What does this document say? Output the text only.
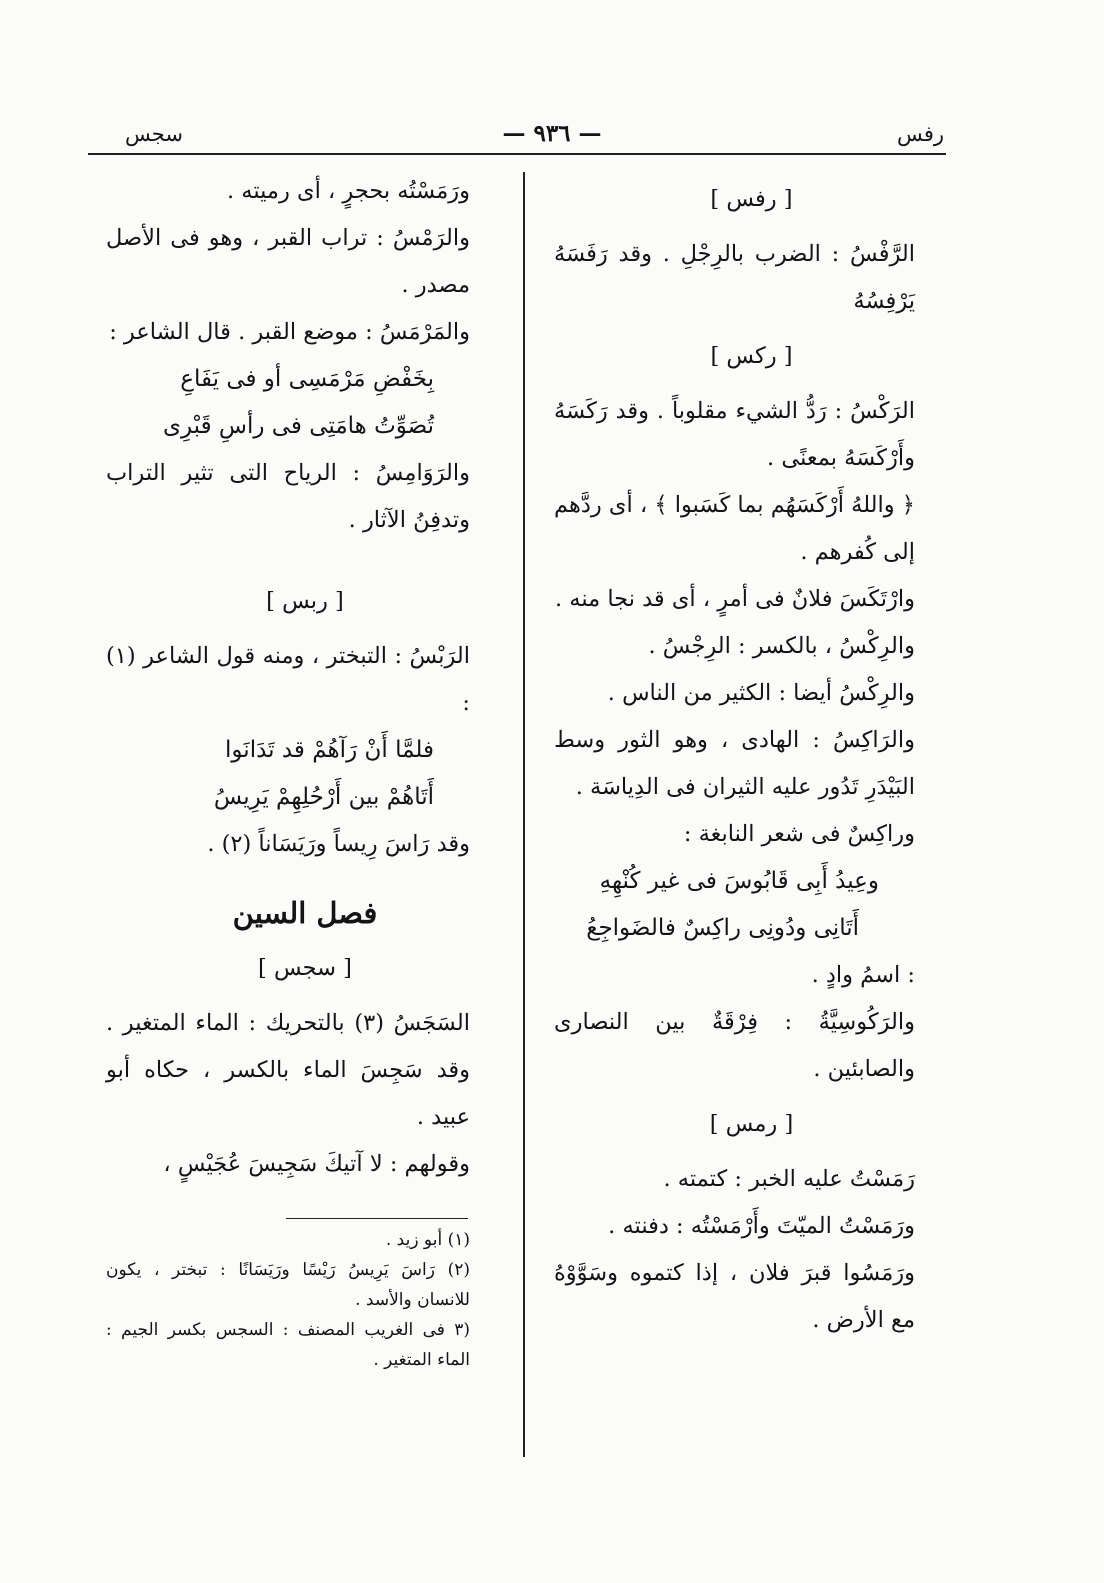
رفس
— ٩٣٦ —
سجس
[ رفس ]
الرَّفْسُ : الضرب بالرِجْلِ . وقد رَفَسَهُ يَرْفِسُهُ
[ ركس ]
الرَكْسُ : رَدُّ الشيء مقلوباً . وقد رَكَسَهُ وأَرْكَسَهُ بمعنًى .
﴿ واللهُ أَرْكَسَهُم بما كَسَبوا ﴾ ، أى ردَّهم إلى كُفرهم .
وارْتَكَسَ فلانٌ فى أمرٍ ، أى قد نجا منه .
والرِكْسُ ، بالكسر : الرِجْسُ .
والرِكْسُ أيضا : الكثير من الناس .
والرَاكِسُ : الهادى ، وهو الثور وسط البَيْدَرِ تَدُور عليه الثيران فى الدِياسَة .
وراكِسٌ فى شعر النابغة :
وعِيدُ أَبِى قَابُوسَ فى غير كُنْهِهِ
أَتَانِى ودُونِى راكِسٌ فالضَواجِعُ
: اسمُ وادٍ .
والرَكُوسِيَّةُ : فِرْقَةٌ بين النصارى والصابئين .
[ رمس ]
رَمَسْتُ عليه الخبر : كتمته .
ورَمَسْتُ الميّتَ وأَرْمَسْتُه : دفنته .
ورَمَسُوا قبرَ فلان ، إذا كتموه وسَوَّوْهُ مع الأرض .
ورَمَسْتُه بحجرٍ ، أى رميته .
والرَمْسُ : تراب القبر ، وهو فى الأصل مصدر .
والمَرْمَسُ : موضع القبر . قال الشاعر :
بِخَفْضِ مَرْمَسِى أو فى يَفَاعِ
تُصَوِّتُ هامَتِى فى رأسِ قَبْرِى
والرَوَامِسُ : الرياح التى تثير التراب وتدفِنُ الآثار .
[ ربس ]
الرَبْسُ : التبختر ، ومنه قول الشاعر (١) :
فلمَّا أَنْ رَآهُمْ قد تَدَانَوا
أَتَاهُمْ بين أَرْحُلِهِمْ يَرِيسُ
وقد رَاسَ رِيساً ورَيَسَاناً (٢) .
فصل السين
[ سجس ]
السَجَسُ (٣) بالتحريك : الماء المتغير . وقد سَجِسَ الماء بالكسر ، حكاه أبو عبيد .
وقولهم : لا آتيكَ سَجِيسَ عُجَيْسٍ ،
(١) أبو زيد .
(٢) رَاسَ يَرِيسُ رَيْسًا ورَيَسَانًا : تبختر ، يكون للانسان والأسد .
(٣ فى الغريب المصنف : السجس بكسر الجيم : الماء المتغير .
